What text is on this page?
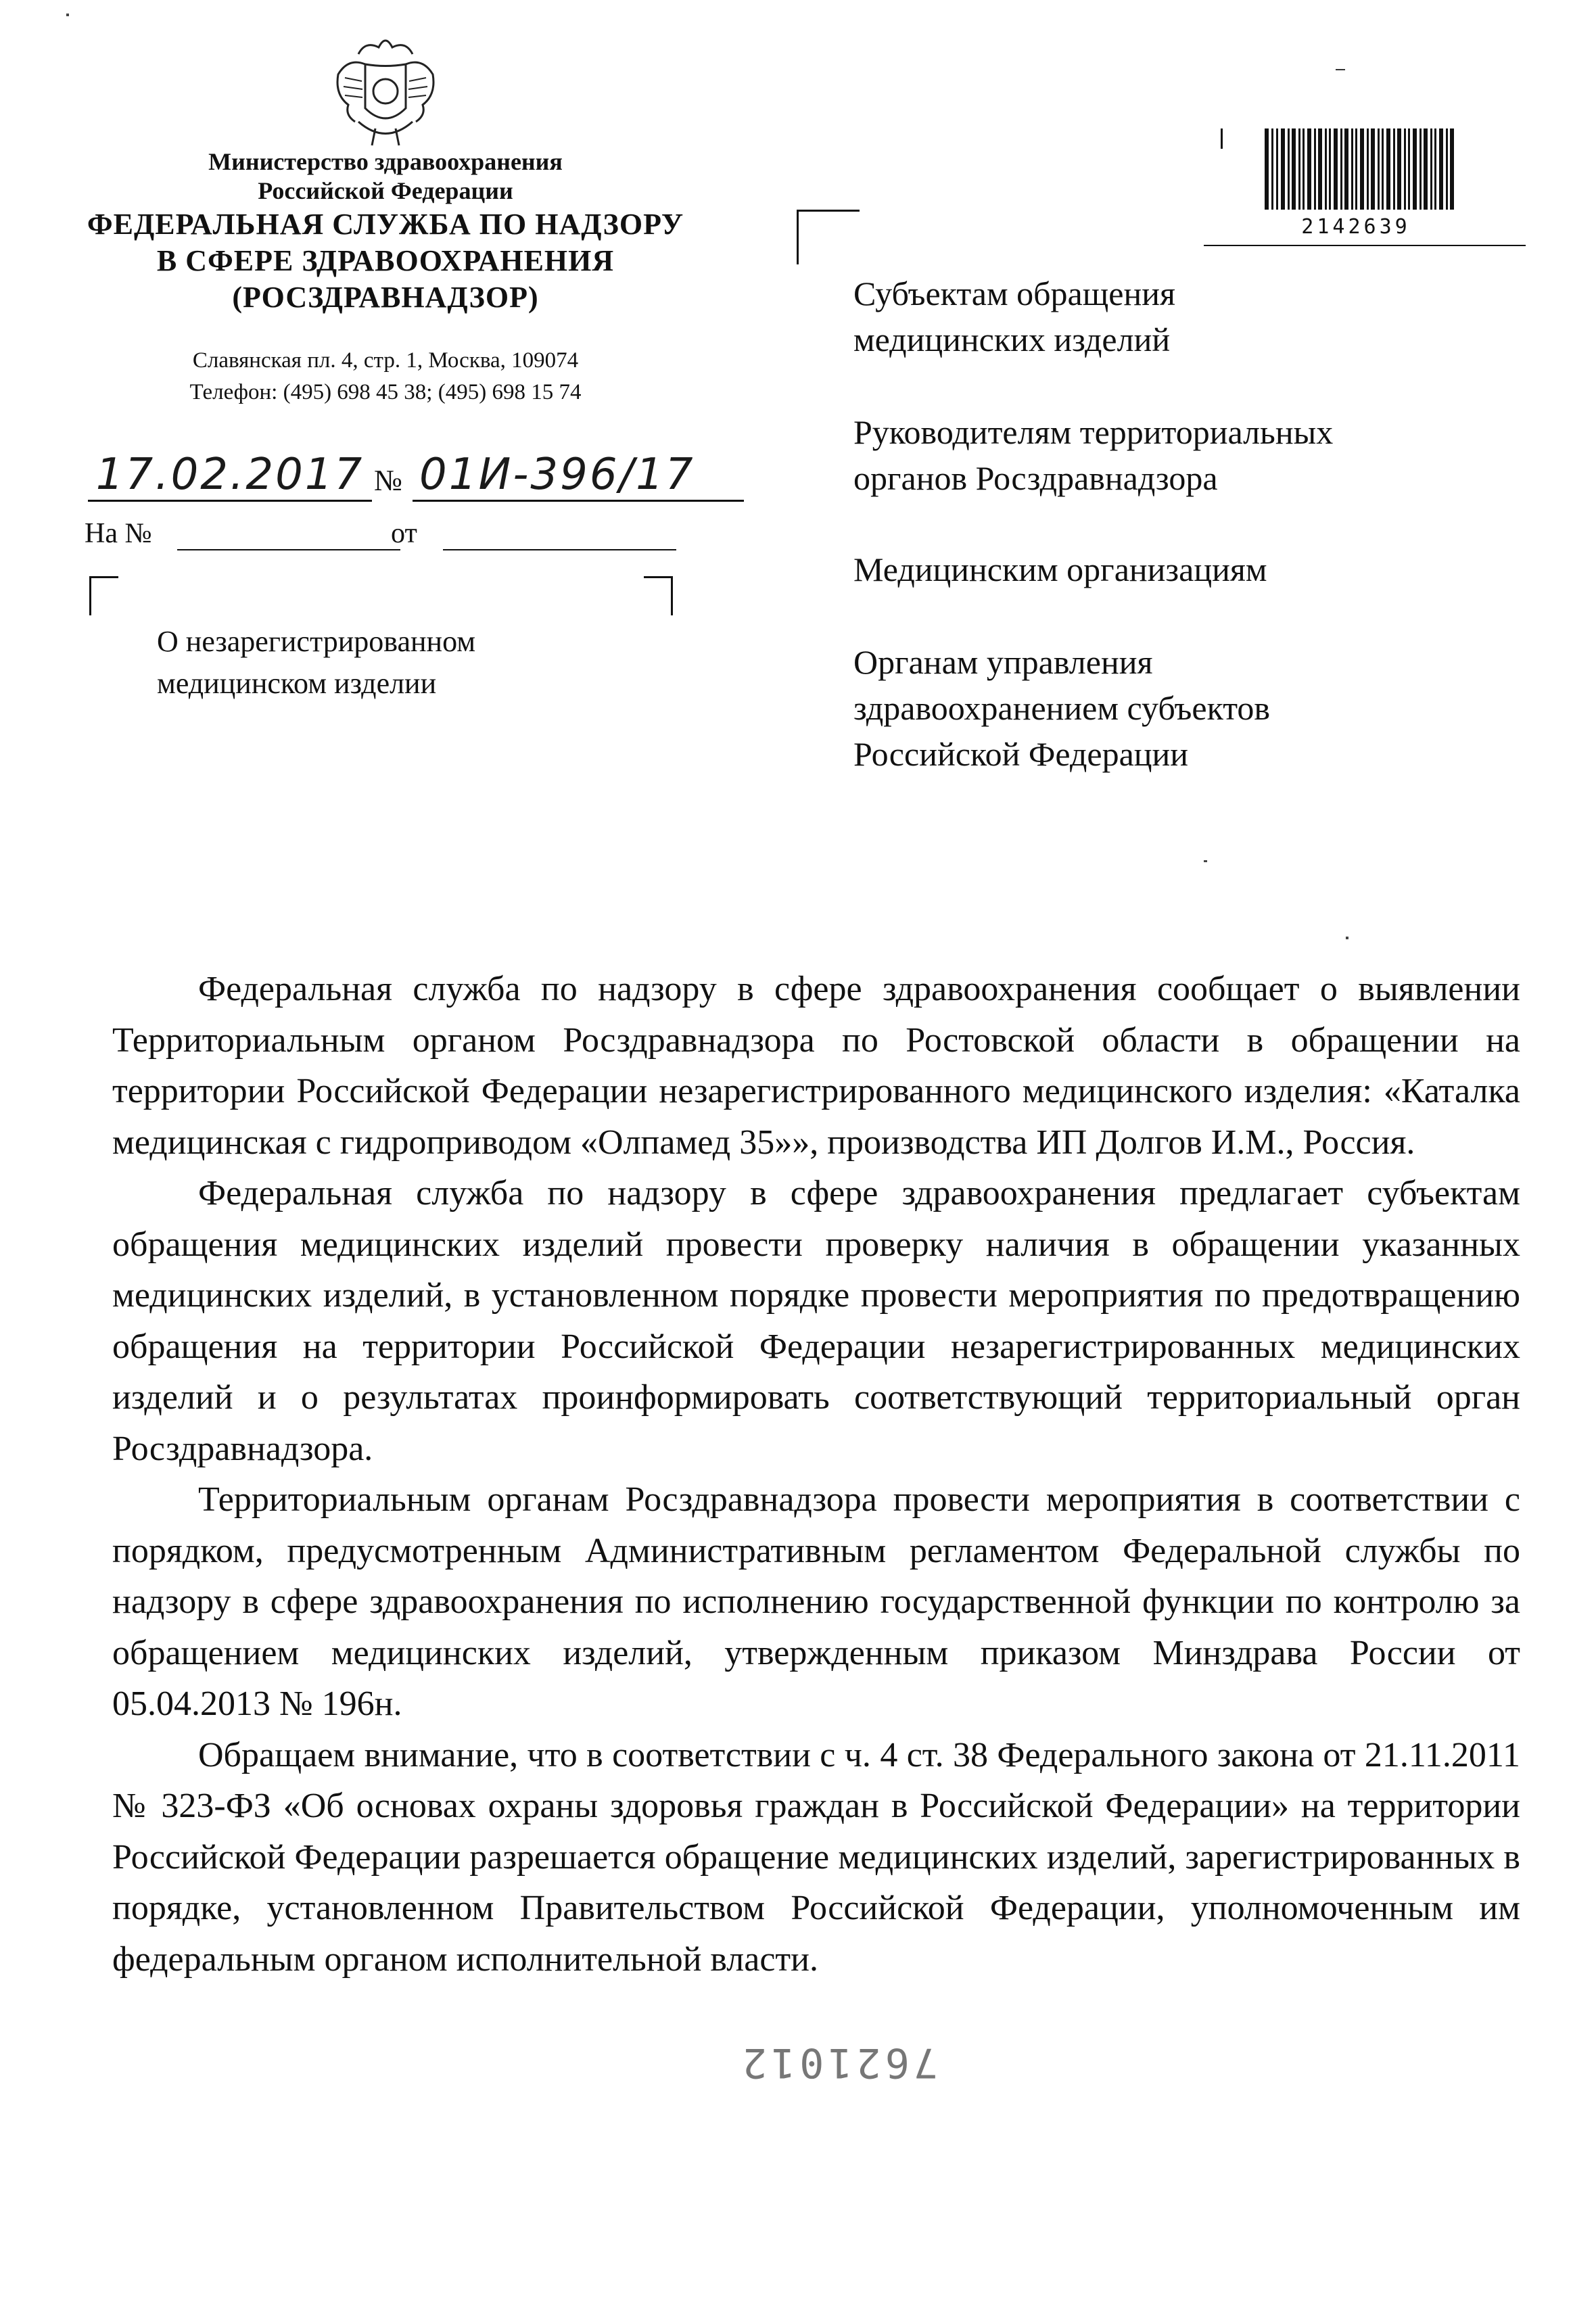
Министерство здравоохранения
Российской Федерации
ФЕДЕРАЛЬНАЯ СЛУЖБА ПО НАДЗОРУ
В СФЕРЕ ЗДРАВООХРАНЕНИЯ
(РОСЗДРАВНАДЗОР)
Славянская пл. 4, стр. 1, Москва, 109074
Телефон: (495) 698 45 38; (495) 698 15 74
17.02.2017 № 01И-396/17
На №	от
О незарегистрированном
медицинском изделии
2142639
Субъектам обращения
медицинских изделий
Руководителям территориальных
органов Росздравнадзора
Медицинским организациям
Органам управления
здравоохранением субъектов
Российской Федерации

Федеральная служба по надзору в сфере здравоохранения сообщает о выявлении Территориальным органом Росздравнадзора по Ростовской области в обращении на территории Российской Федерации незарегистрированного медицинского изделия: «Каталка медицинская с гидроприводом «Олпамед 35»», производства ИП Долгов И.М., Россия.

Федеральная служба по надзору в сфере здравоохранения предлагает субъектам обращения медицинских изделий провести проверку наличия в обращении указанных медицинских изделий, в установленном порядке провести мероприятия по предотвращению обращения на территории Российской Федерации незарегистрированных медицинских изделий и о результатах проинформировать соответствующий территориальный орган Росздравнадзора.

Территориальным органам Росздравнадзора провести мероприятия в соответствии с порядком, предусмотренным Административным регламентом Федеральной службы по надзору в сфере здравоохранения по исполнению государственной функции по контролю за обращением медицинских изделий, утвержденным приказом Минздрава России от 05.04.2013 № 196н.

Обращаем внимание, что в соответствии с ч. 4 ст. 38 Федерального закона от 21.11.2011 № 323-ФЗ «Об основах охраны здоровья граждан в Российской Федерации» на территории Российской Федерации разрешается обращение медицинских изделий, зарегистрированных в порядке, установленном Правительством Российской Федерации, уполномоченным им федеральным органом исполнительной власти.

7621012
